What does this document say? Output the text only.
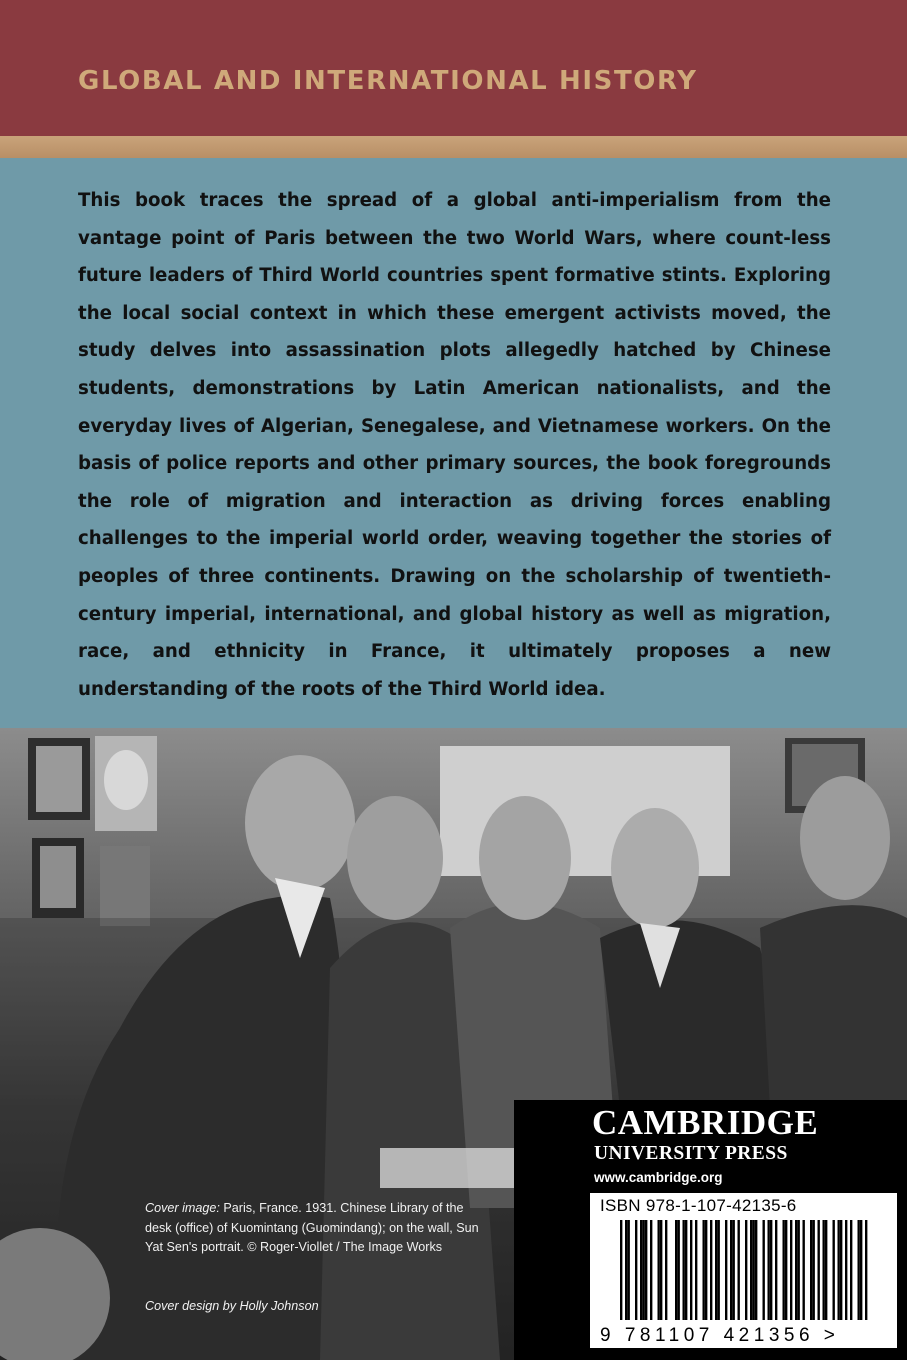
GLOBAL AND INTERNATIONAL HISTORY

This book traces the spread of a global anti-imperialism from the vantage point of Paris between the two World Wars, where count-less future leaders of Third World countries spent formative stints. Exploring the local social context in which these emergent activists moved, the study delves into assassination plots allegedly hatched by Chinese students, demonstrations by Latin American nationalists, and the everyday lives of Algerian, Senegalese, and Vietnamese workers. On the basis of police reports and other primary sources, the book foregrounds the role of migration and interaction as driving forces enabling challenges to the imperial world order, weaving together the stories of peoples of three continents. Drawing on the scholarship of twentieth-century imperial, international, and global history as well as migration, race, and ethnicity in France, it ultimately proposes a new understanding of the roots of the Third World idea.

Cover image: Paris, France. 1931. Chinese Library of the desk (office) of Kuomintang (Guomindang); on the wall, Sun Yat Sen's portrait. © Roger-Viollet / The Image Works

Cover design by Holly Johnson

CAMBRIDGE

UNIVERSITY PRESS

www.cambridge.org

ISBN 978-1-107-42135-6

9 781107 421356 >
